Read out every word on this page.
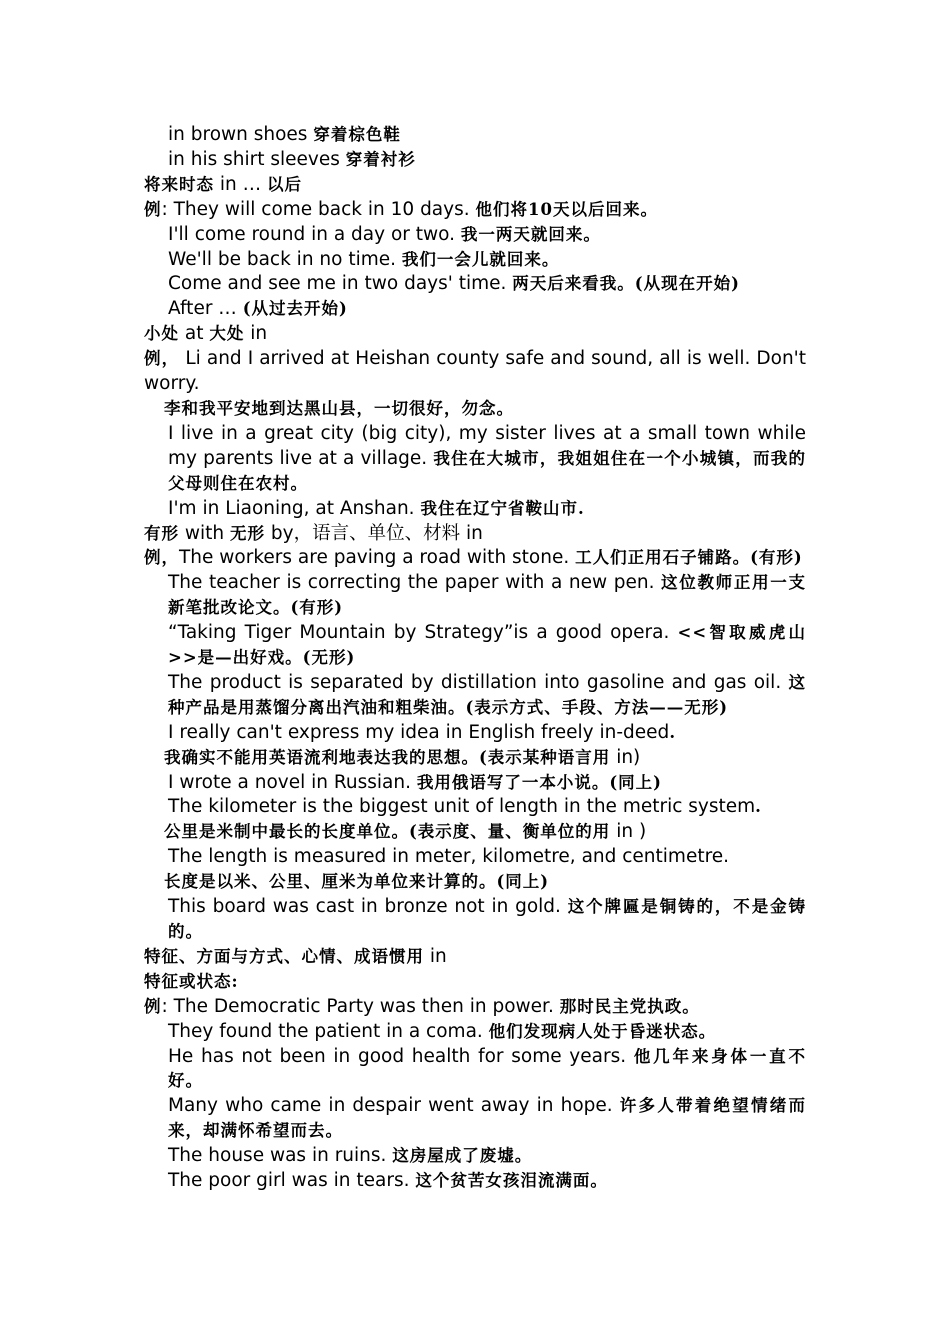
in brown shoes 穿着棕色鞋
in his shirt sleeves 穿着衬衫
将来时态 in … 以后
例: They will come back in 10 days. 他们将10天以后回来。
I'll come round in a day or two. 我一两天就回来。
We'll be back in no time. 我们一会儿就回来。
Come and see me in two days' time. 两天后来看我。(从现在开始)
After … (从过去开始)
小处 at 大处 in
例， Li and I arrived at Heishan county safe and sound, all is well. Don't worry.
李和我平安地到达黑山县，一切很好，勿念。
I live in a great city (big city), my sister lives at a small town while my parents live at a village. 我住在大城市，我姐姐住在一个小城镇，而我的父母则住在农村。
I'm in Liaoning, at Anshan. 我住在辽宁省鞍山市.
有形 with 无形 by，语言、单位、材料 in
例，The workers are paving a road with stone. 工人们正用石子铺路。(有形)
The teacher is correcting the paper with a new pen. 这位教师正用一支新笔批改论文。(有形)
“Taking Tiger Mountain by Strategy”is a good opera. <<智取威虎山>>是—出好戏。(无形)
The product is separated by distillation into gasoline and gas oil. 这种产品是用蒸馏分离出汽油和粗柴油。(表示方式、手段、方法——无形)
I really can't express my idea in English freely in-deed.
我确实不能用英语流利地表达我的思想。(表示某种语言用 in)
I wrote a novel in Russian. 我用俄语写了一本小说。(同上)
The kilometer is the biggest unit of length in the metric system.
公里是米制中最长的长度单位。(表示度、量、衡单位的用 in )
The length is measured in meter, kilometre, and centimetre.
长度是以米、公里、厘米为单位来计算的。(同上)
This board was cast in bronze not in gold. 这个牌匾是铜铸的，不是金铸的。
特征、方面与方式、心情、成语惯用 in
特征或状态:
例: The Democratic Party was then in power. 那时民主党执政。
They found the patient in a coma. 他们发现病人处于昏迷状态。
He has not been in good health for some years. 他几年来身体一直不好。
Many who came in despair went away in hope. 许多人带着绝望情绪而来，却满怀希望而去。
The house was in ruins. 这房屋成了废墟。
The poor girl was in tears. 这个贫苦女孩泪流满面。
